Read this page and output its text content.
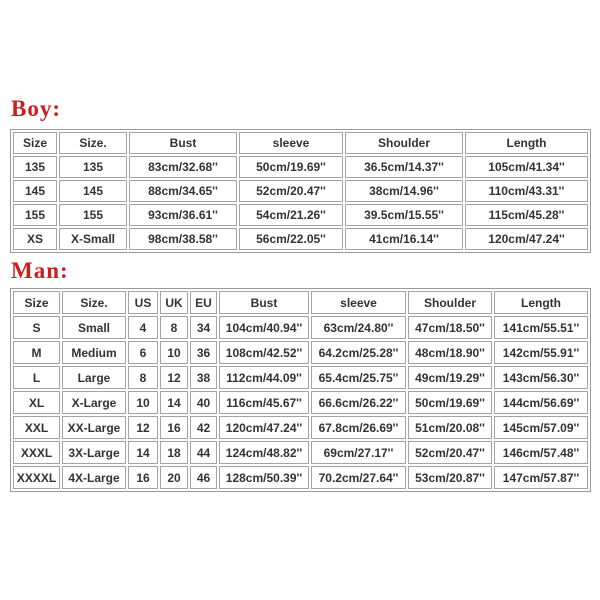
Boy:
Size	Size.	Bust	sleeve	Shoulder	Length
135	135	83cm/32.68''	50cm/19.69''	36.5cm/14.37''	105cm/41.34''
145	145	88cm/34.65''	52cm/20.47''	38cm/14.96''	110cm/43.31''
155	155	93cm/36.61''	54cm/21.26''	39.5cm/15.55''	115cm/45.28''
XS	X-Small	98cm/38.58''	56cm/22.05''	41cm/16.14''	120cm/47.24''
Man:
Size	Size.	US	UK	EU	Bust	sleeve	Shoulder	Length
S	Small	4	8	34	104cm/40.94''	63cm/24.80''	47cm/18.50''	141cm/55.51''
M	Medium	6	10	36	108cm/42.52''	64.2cm/25.28''	48cm/18.90''	142cm/55.91''
L	Large	8	12	38	112cm/44.09''	65.4cm/25.75''	49cm/19.29''	143cm/56.30''
XL	X-Large	10	14	40	116cm/45.67''	66.6cm/26.22''	50cm/19.69''	144cm/56.69''
XXL	XX-Large	12	16	42	120cm/47.24''	67.8cm/26.69''	51cm/20.08''	145cm/57.09''
XXXL	3X-Large	14	18	44	124cm/48.82''	69cm/27.17''	52cm/20.47''	146cm/57.48''
XXXXL	4X-Large	16	20	46	128cm/50.39''	70.2cm/27.64''	53cm/20.87''	147cm/57.87''
